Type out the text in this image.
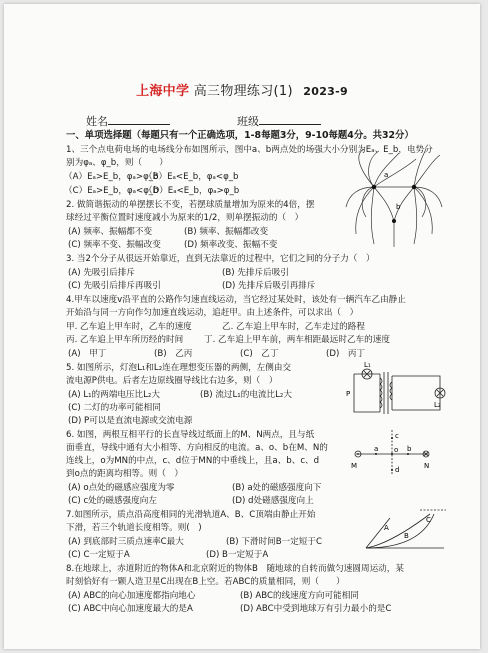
上海中学 高三物理练习(1) 2023-9
姓名	班级
一、单项选择题（每题只有一个正确选项，1-8每题3分，9-10每题4分。共32分）
1、三个点电荷电场的电场线分布如图所示，图中a、b两点处的场强大小分别为Eₐ、E_b，电势分
别为φₐ、φ_b，则（　　）
（A）Eₐ>E_b，φₐ>φ_b
（B）Eₐ<E_b，φₐ<φ_b
（C）Eₐ>E_b，φₐ<φ_b
（D）Eₐ<E_b，φₐ>φ_b
a
b
2. 做简谐振动的单摆摆长不变，若摆球质量增加为原来的4倍，摆
球经过平衡位置时速度减小为原来的1/2，则单摆振动的（　）
(A) 频率、振幅都不变	(B) 频率、振幅都改变
(C) 频率不变、振幅改变	(D) 频率改变、振幅不变
3. 当2个分子从很远开始靠近，直到无法靠近的过程中，它们之间的分子力（　）
(A) 先吸引后排斥	(B) 先排斥后吸引
(C) 先吸引后排斥再吸引	(D) 先排斥后吸引再排斥
4.甲车以速度v沿平直的公路作匀速直线运动，当它经过某处时，该处有一辆汽车乙由静止
开始沿与同一方向作匀加速直线运动，追赶甲。由上述条件，可以求出（　）
甲. 乙车追上甲车时，乙车的速度	乙. 乙车追上甲车时，乙车走过的路程
丙. 乙车追上甲车所历经的时间 丁. 乙车追上甲车前，两车相距最远时乙车的速度
(A)　甲丁	(B)　乙丙	(C)　乙丁	(D)　丙丁
5. 如图所示，灯泡L₁和L₂连在理想变压器的两侧，左侧由交
流电源P供电。后者左边原线圈导线比右边多，则（　）
(A) L₁的两端电压比L₂大	(B) 流过L₁的电流比L₂大
(C) 二灯的功率可能相同
(D) P可以是直流电源或交流电源
L₁
L₂
P
6. 如图，两根互相平行的长直导线过纸面上的M、N两点，且与纸
面垂直，导线中通有大小相等、方向相反的电流。a、o、b在M、N的
连线上，o为MN的中点，c、d位于MN的中垂线上，且a、b、c、d
到o点的距离均相等。则（　）
(A) o点处的磁感应强度为零	(B) a处的磁感强度向下
(C) c处的磁感强度向左	(D) d处磁感强度向上
M	N
a o b
c
d
7.如图所示，质点沿高度相同的光滑轨道A、B、C顶端由静止开始
下滑，若三个轨道长度相等。则(　)
(A) 到底部时三质点速率C最大	(B) 下滑时间B一定短于C
(C) C一定短于A	(D) B一定短于A
C
A
B
8.在地球上，赤道附近的物体A和北京附近的物体B　随地球的自转而做匀速圆周运动，某
时刻恰好有一颗人造卫星C出现在B上空。若ABC的质量相同，则（　　）
(A) ABC的向心加速度都指向地心	(B) ABC的线速度方向可能相同
(C) ABC中向心加速度最大的是A	(D) ABC中受到地球万有引力最小的是C
